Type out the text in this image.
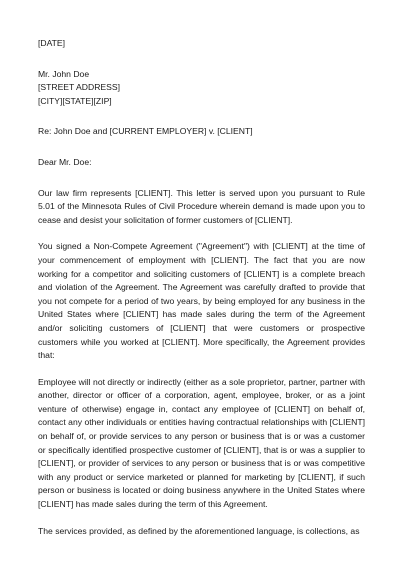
[DATE]
Mr. John Doe
[STREET ADDRESS]
[CITY][STATE][ZIP]
Re: John Doe and [CURRENT EMPLOYER] v. [CLIENT]
Dear Mr. Doe:
Our law firm represents [CLIENT]. This letter is served upon you pursuant to Rule 5.01 of the Minnesota Rules of Civil Procedure wherein demand is made upon you to cease and desist your solicitation of former customers of [CLIENT].
You signed a Non-Compete Agreement ("Agreement") with [CLIENT] at the time of your commencement of employment with [CLIENT]. The fact that you are now working for a competitor and soliciting customers of [CLIENT] is a complete breach and violation of the Agreement. The Agreement was carefully drafted to provide that you not compete for a period of two years, by being employed for any business in the United States where [CLIENT] has made sales during the term of the Agreement and/or soliciting customers of [CLIENT] that were customers or prospective customers while you worked at [CLIENT]. More specifically, the Agreement provides that:
Employee will not directly or indirectly (either as a sole proprietor, partner, partner with another, director or officer of a corporation, agent, employee, broker, or as a joint venture of otherwise) engage in, contact any employee of [CLIENT] on behalf of, contact any other individuals or entities having contractual relationships with [CLIENT] on behalf of, or provide services to any person or business that is or was a customer or specifically identified prospective customer of [CLIENT], that is or was a supplier to [CLIENT], or provider of services to any person or business that is or was competitive with any product or service marketed or planned for marketing by [CLIENT], if such person or business is located or doing business anywhere in the United States where [CLIENT] has made sales during the term of this Agreement.
The services provided, as defined by the aforementioned language, is collections, as
